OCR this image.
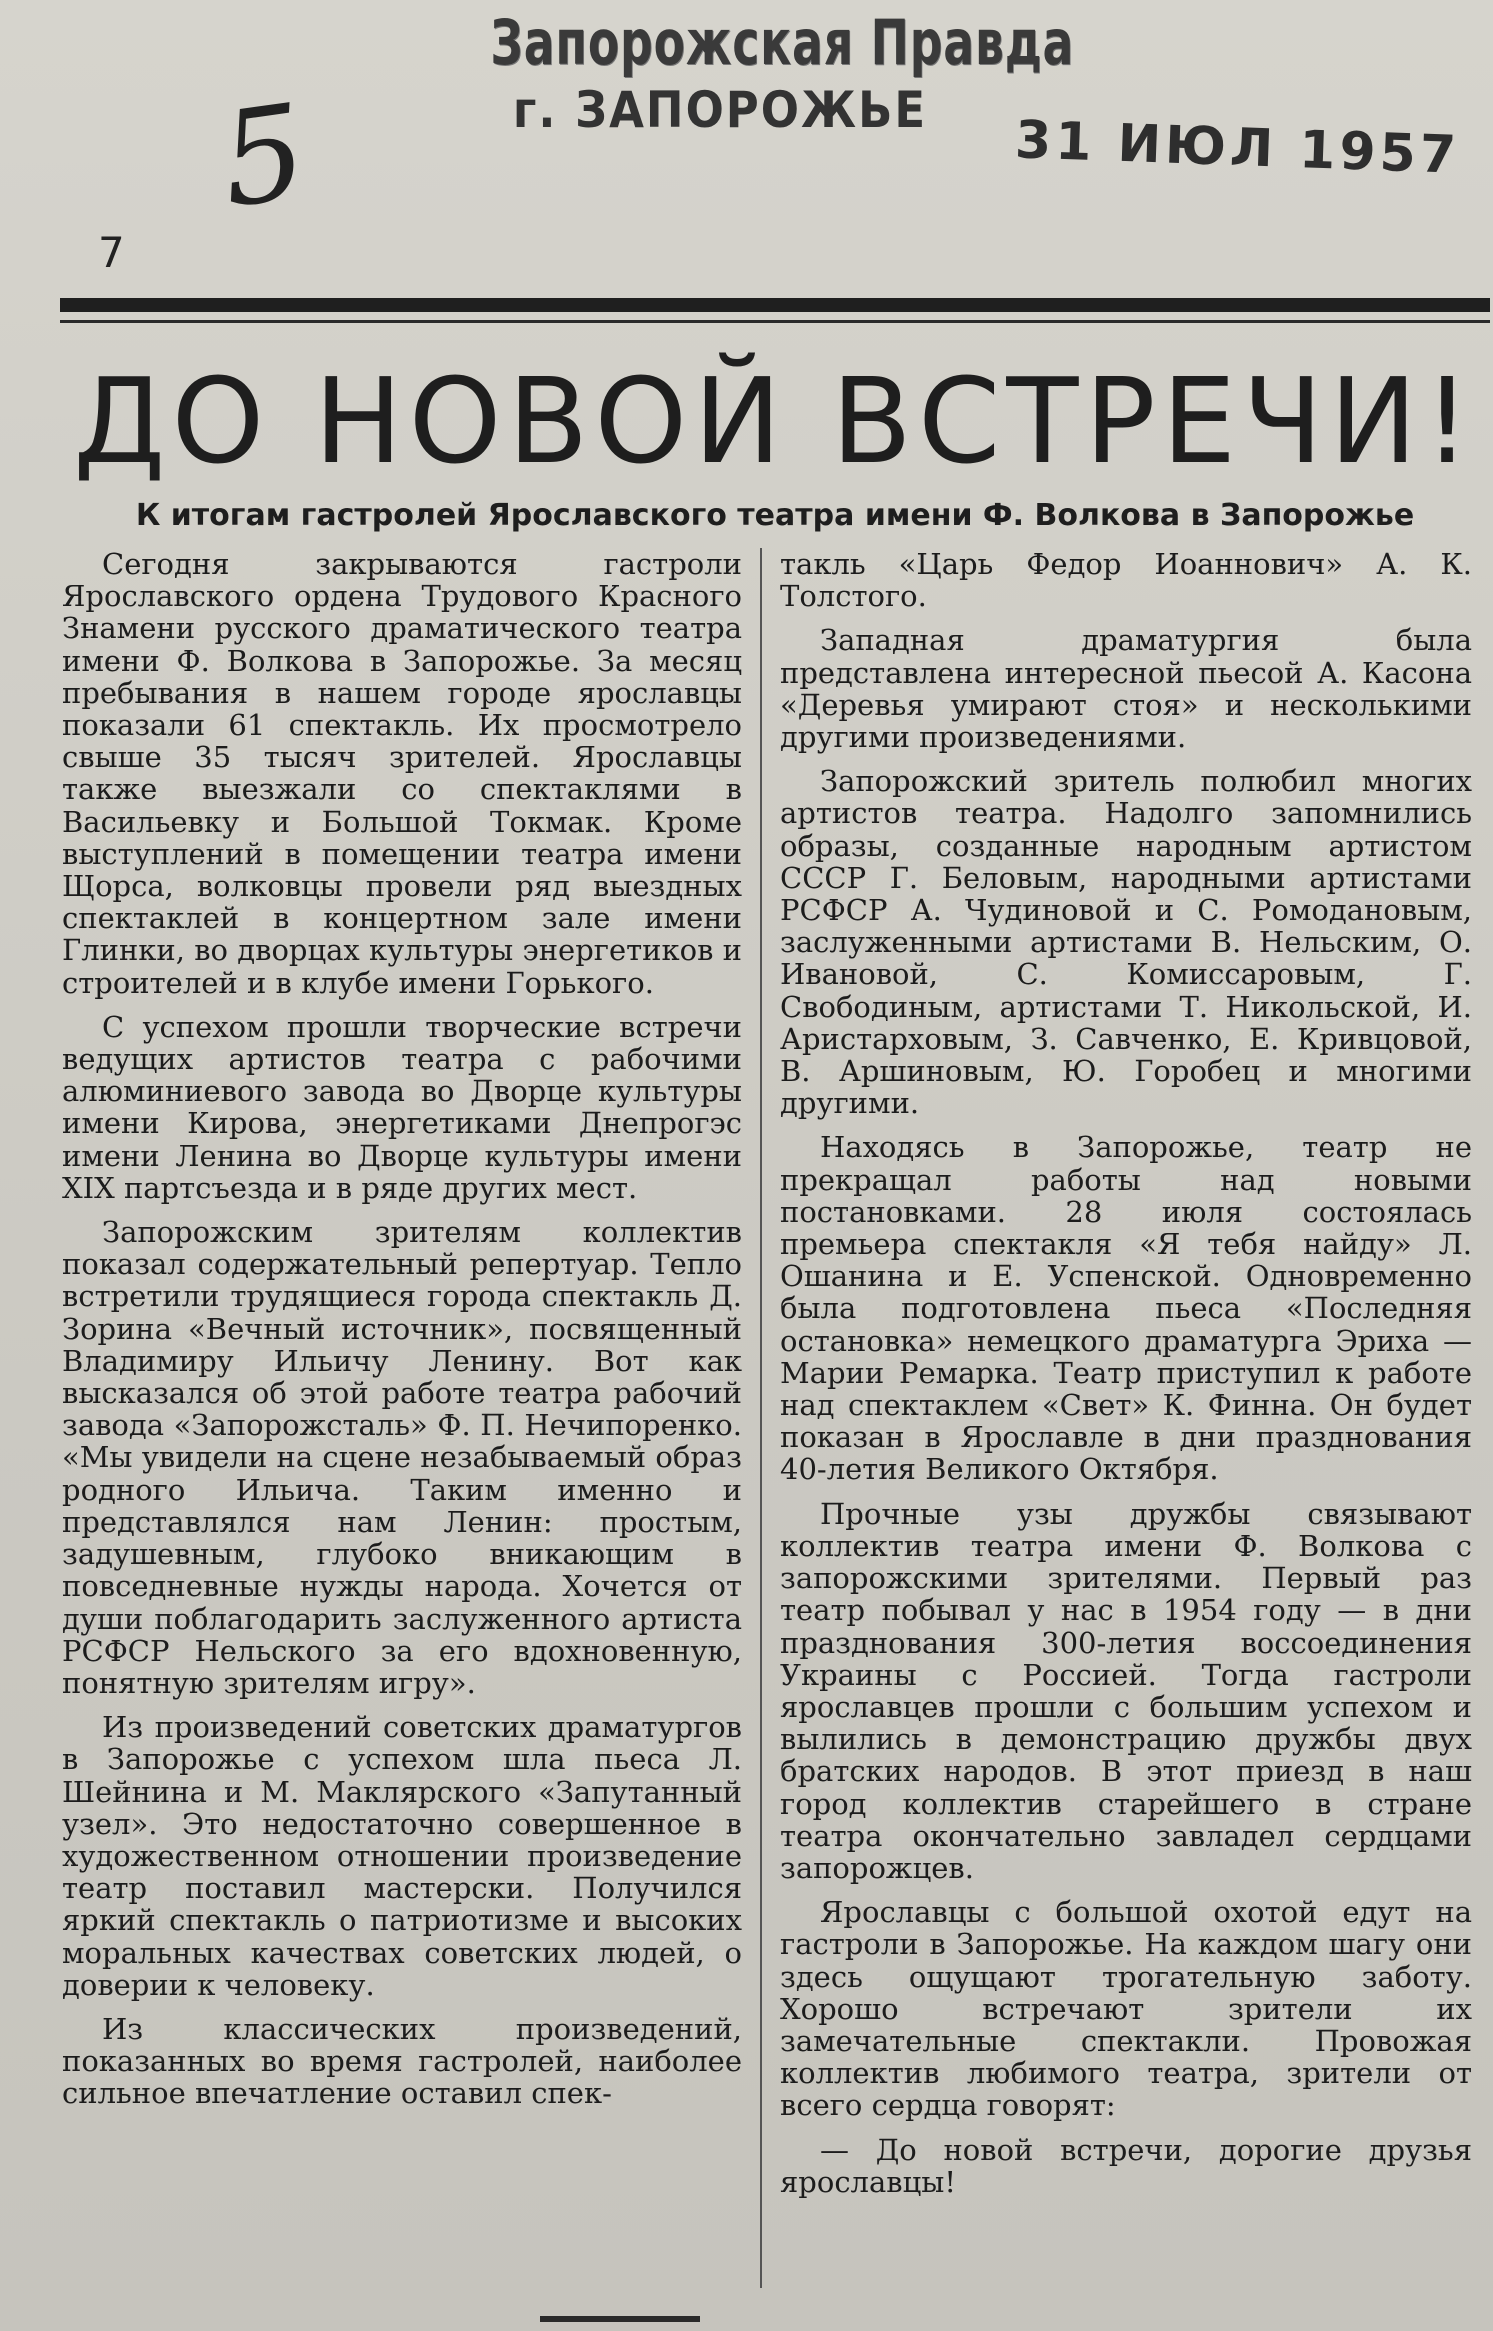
Запорожская Правда
г. ЗАПОРОЖЬЕ
31 ИЮЛ 1957
5
7
ДО НОВОЙ ВСТРЕЧИ!
К итогам гастролей Ярославского театра имени Ф. Волкова в Запорожье

Сегодня закрываются гастроли Ярославского ордена Трудового Красного Знамени русского драматического театра имени Ф. Волкова в Запорожье. За месяц пребывания в нашем городе ярославцы показали 61 спектакль. Их просмотрело свыше 35 тысяч зрителей. Ярославцы также выезжали со спектаклями в Васильевку и Большой Токмак. Кроме выступлений в помещении театра имени Щорса, волковцы провели ряд выездных спектаклей в концертном зале имени Глинки, во дворцах культуры энергетиков и строителей и в клубе имени Горького.

С успехом прошли творческие встречи ведущих артистов театра с рабочими алюминиевого завода во Дворце культуры имени Кирова, энергетиками Днепрогэс имени Ленина во Дворце культуры имени XIX партсъезда и в ряде других мест.

Запорожским зрителям коллектив показал содержательный репертуар. Тепло встретили трудящиеся города спектакль Д. Зорина «Вечный источник», посвященный Владимиру Ильичу Ленину. Вот как высказался об этой работе театра рабочий завода «Запорожсталь» Ф. П. Нечипоренко. «Мы увидели на сцене незабываемый образ родного Ильича. Таким именно и представлялся нам Ленин: простым, задушевным, глубоко вникающим в повседневные нужды народа. Хочется от души поблагодарить заслуженного артиста РСФСР Нельского за его вдохновенную, понятную зрителям игру».

Из произведений советских драматургов в Запорожье с успехом шла пьеса Л. Шейнина и М. Маклярского «Запутанный узел». Это недостаточно совершенное в художественном отношении произведение театр поставил мастерски. Получился яркий спектакль о патриотизме и высоких моральных качествах советских людей, о доверии к человеку.

Из классических произведений, показанных во время гастролей, наиболее сильное впечатление оставил спек-

такль «Царь Федор Иоаннович» А. К. Толстого.

Западная драматургия была представлена интересной пьесой А. Касона «Деревья умирают стоя» и несколькими другими произведениями.

Запорожский зритель полюбил многих артистов театра. Надолго запомнились образы, созданные народным артистом СССР Г. Беловым, народными артистами РСФСР А. Чудиновой и С. Ромодановым, заслуженными артистами В. Нельским, О. Ивановой, С. Комиссаровым, Г. Свободиным, артистами Т. Никольской, И. Аристарховым, З. Савченко, Е. Кривцовой, В. Аршиновым, Ю. Горобец и многими другими.

Находясь в Запорожье, театр не прекращал работы над новыми постановками. 28 июля состоялась премьера спектакля «Я тебя найду» Л. Ошанина и Е. Успенской. Одновременно была подготовлена пьеса «Последняя остановка» немецкого драматурга Эриха — Марии Ремарка. Театр приступил к работе над спектаклем «Свет» К. Финна. Он будет показан в Ярославле в дни празднования 40-летия Великого Октября.

Прочные узы дружбы связывают коллектив театра имени Ф. Волкова с запорожскими зрителями. Первый раз театр побывал у нас в 1954 году — в дни празднования 300-летия воссоединения Украины с Россией. Тогда гастроли ярославцев прошли с большим успехом и вылились в демонстрацию дружбы двух братских народов. В этот приезд в наш город коллектив старейшего в стране театра окончательно завладел сердцами запорожцев.

Ярославцы с большой охотой едут на гастроли в Запорожье. На каждом шагу они здесь ощущают трогательную заботу. Хорошо встречают зрители их замечательные спектакли. Провожая коллектив любимого театра, зрители от всего сердца говорят:

— До новой встречи, дорогие друзья ярославцы!
